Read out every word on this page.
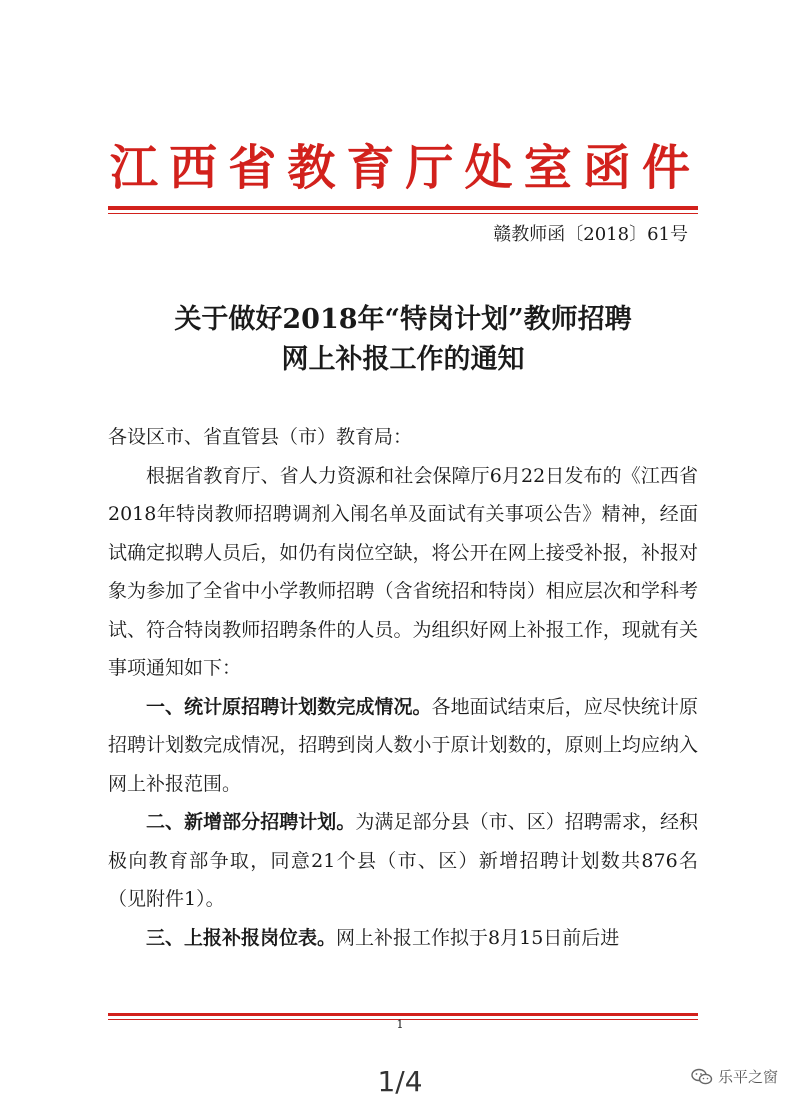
江 西 省 教 育 厅 处 室 函 件
赣教师函〔2018〕61号
关于做好2018年“特岗计划”教师招聘
网上补报工作的通知

各设区市、省直管县（市）教育局：

根据省教育厅、省人力资源和社会保障厅6月22日发布的《江西省2018年特岗教师招聘调剂入闱名单及面试有关事项公告》精神，经面试确定拟聘人员后，如仍有岗位空缺，将公开在网上接受补报，补报对象为参加了全省中小学教师招聘（含省统招和特岗）相应层次和学科考试、符合特岗教师招聘条件的人员。为组织好网上补报工作，现就有关事项通知如下：

一、统计原招聘计划数完成情况。各地面试结束后，应尽快统计原招聘计划数完成情况，招聘到岗人数小于原计划数的，原则上均应纳入网上补报范围。

二、新增部分招聘计划。为满足部分县（市、区）招聘需求，经积极向教育部争取，同意21个县（市、区）新增招聘计划数共876名（见附件1）。

三、上报补报岗位表。网上补报工作拟于8月15日前后进

1
1/4	乐平之窗
